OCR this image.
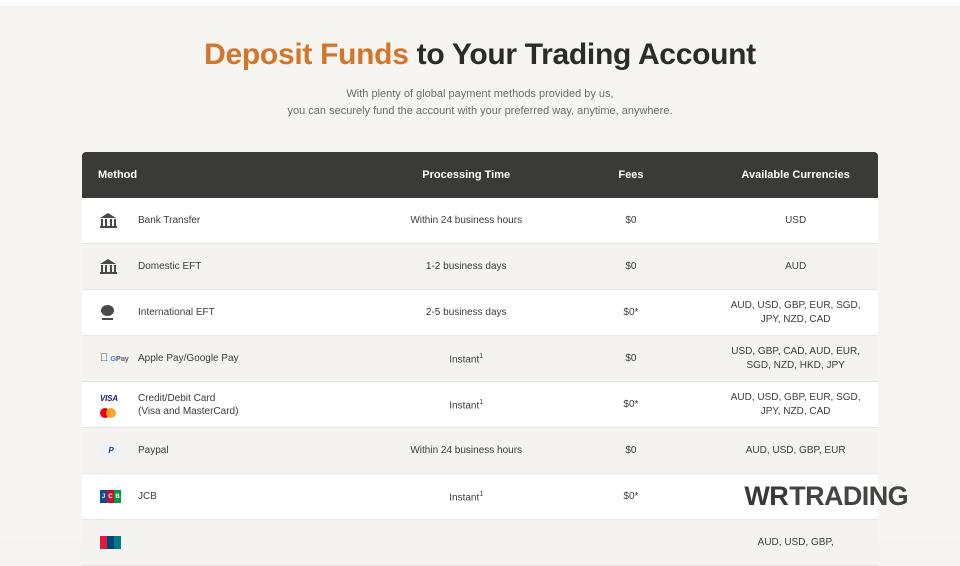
Deposit Funds to Your Trading Account

With plenty of global payment methods provided by us,
you can securely fund the account with your preferred way, anytime, anywhere.

Method	Processing Time	Fees	Available Currencies

Bank Transfer	Within 24 business hours	$0	USD

Domestic EFT	1-2 business days	$0	AUD

International EFT	2-5 business days	$0*	AUD, USD, GBP, EUR, SGD, JPY, NZD, CAD

GPay Apple Pay/Google Pay	Instant$^1$	$0	USD, GBP, CAD, AUD, EUR, SGD, NZD, HKD, JPY

VISA Credit/Debit Card
(Visa and MasterCard)	Instant$^1$	$0*	AUD, USD, GBP, EUR, SGD, JPY, NZD, CAD

P Paypal	Within 24 business hours	$0	AUD, USD, GBP, EUR

J C B JCB	Instant$^1$	$0*	

			AUD, USD, GBP,
WR TRADING
